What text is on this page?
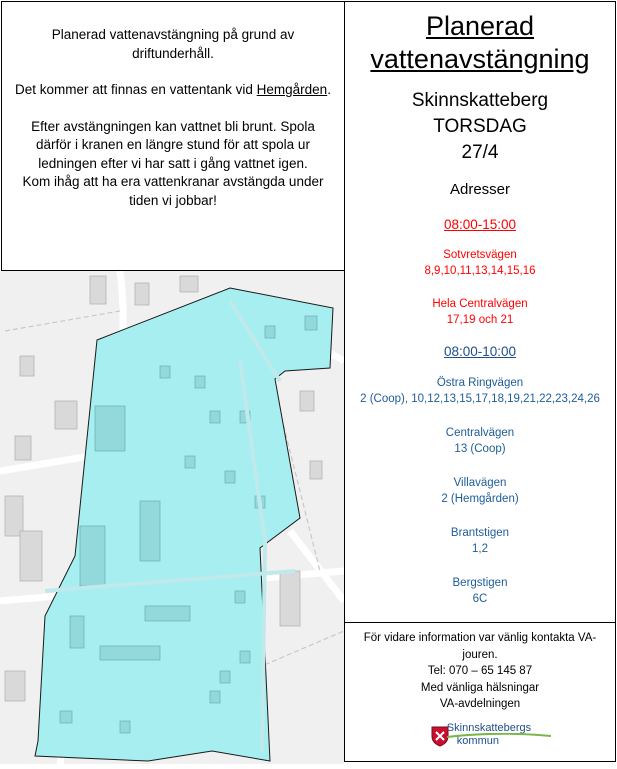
Planerad vattenavstängning på grund av driftunderhåll.

Det kommer att finnas en vattentank vid Hemgården.

Efter avstängningen kan vattnet bli brunt. Spola därför i kranen en längre stund för att spola ur ledningen efter vi har satt i gång vattnet igen.

Kom ihåg att ha era vattenkranar avstängda under tiden vi jobbar!

Planerad vattenavstängning
Skinnskatteberg
TORSDAG
27/4
Adresser
08:00-15:00
Sotvretsvägen
8,9,10,11,13,14,15,16
Hela Centralvägen
17,19 och 21
08:00-10:00
Östra Ringvägen
2 (Coop), 10,12,13,15,17,18,19,21,22,23,24,26
Centralvägen
13 (Coop)
Villavägen
2 (Hemgården)
Brantstigen
1,2
Bergstigen
6C
För vidare information var vänlig kontakta VA-jouren.
Tel: 070 – 65 145 87
Med vänliga hälsningar
VA-avdelningen
Skinnskattebergs
kommun
